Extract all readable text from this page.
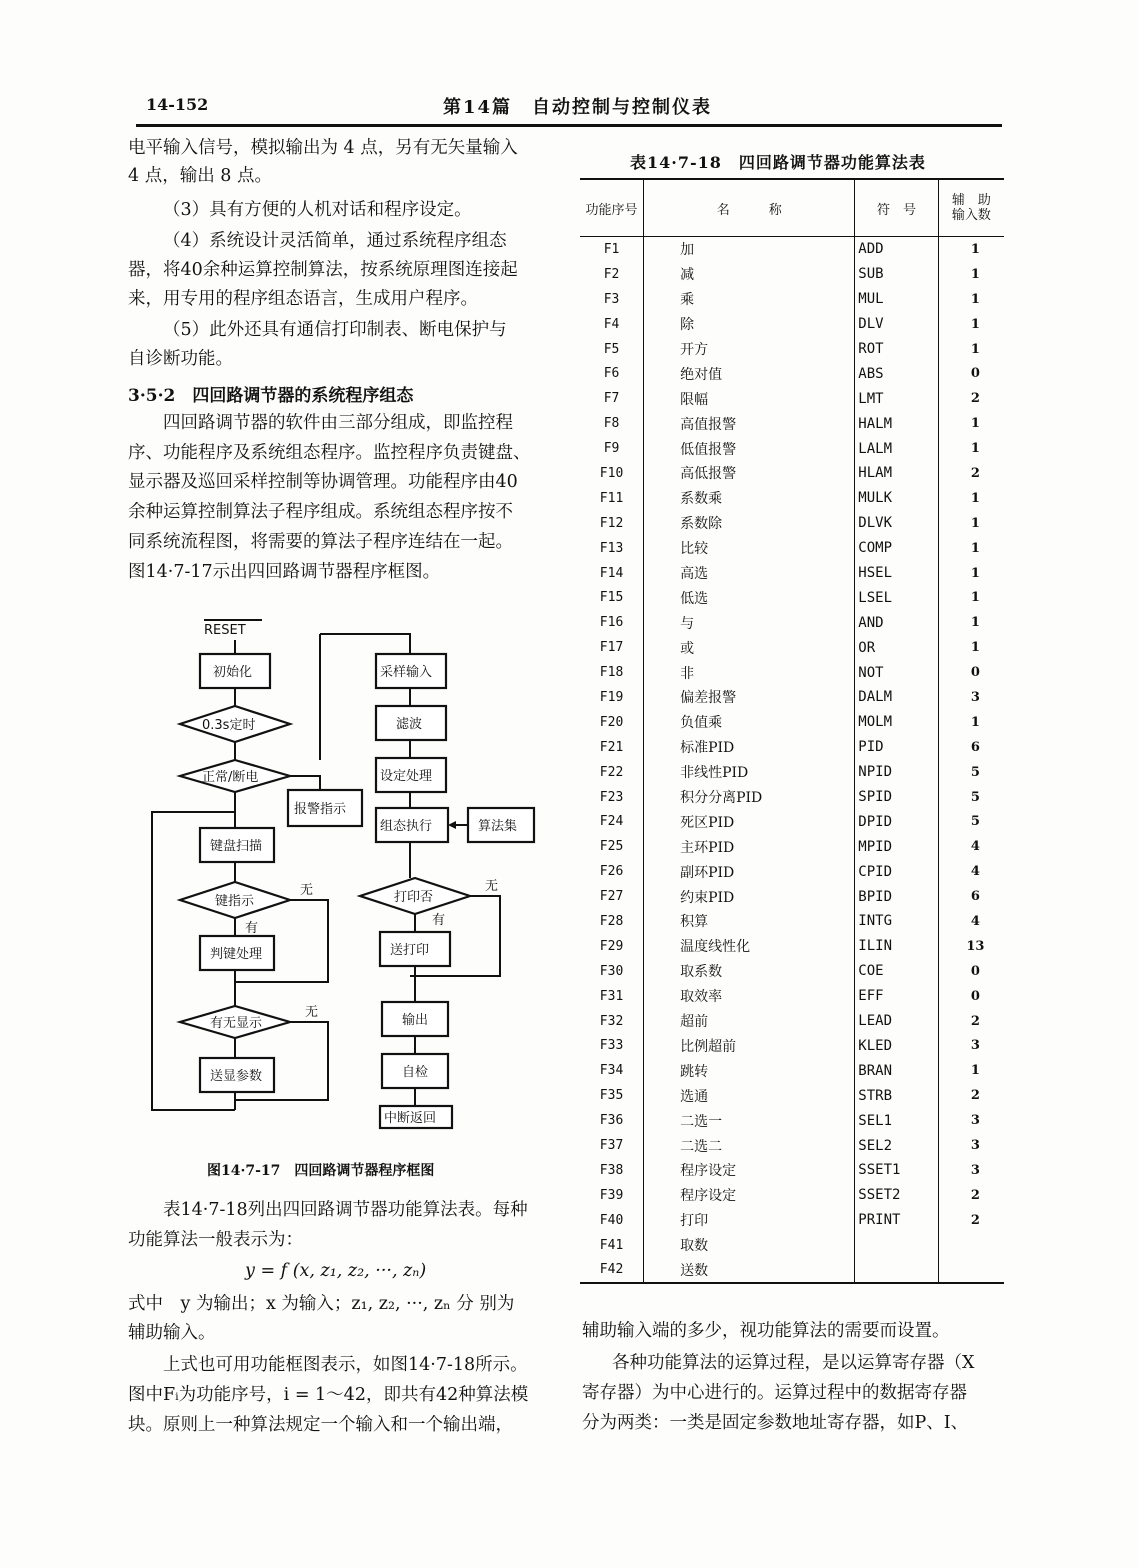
14-152	第14篇　自动控制与控制仪表
电平输入信号，模拟输出为 4 点，另有无矢量输入
4 点，输出 8 点。
（3）具有方便的人机对话和程序设定。
（4）系统设计灵活简单，通过系统程序组态
器，将40余种运算控制算法，按系统原理图连接起
来，用专用的程序组态语言，生成用户程序。
（5）此外还具有通信打印制表、断电保护与
自诊断功能。
3·5·2　四回路调节器的系统程序组态
四回路调节器的软件由三部分组成，即监控程
序、功能程序及系统组态程序。监控程序负责键盘、
显示器及巡回采样控制等协调管理。功能程序由40
余种运算控制算法子程序组成。系统组态程序按不
同系统流程图，将需要的算法子程序连结在一起。
图14·7-17示出四回路调节器程序框图。
RESET
初始化
0.3s定时
正常/断电
报警指示
键盘扫描
键指示
无
有
判键处理
有无显示
无
送显参数
采样输入
滤波
设定处理
组态执行	算法集
打印否
无
有
送打印
输出
自检
中断返回
图14·7-17　四回路调节器程序框图
表14·7-18列出四回路调节器功能算法表。每种
功能算法一般表示为：
y = f (x, z₁, z₂, ···, zₙ)
式中　y 为输出；x 为输入；z₁, z₂, ···, zₙ 分 别为
辅助输入。
上式也可用功能框图表示，如图14·7-18所示。
图中Fᵢ为功能序号，i = 1～42，即共有42种算法模
块。原则上一种算法规定一个输入和一个输出端，
表14·7-18　四回路调节器功能算法表
功能序号	名　　　称	符　号	辅　助
输入数
F1	加	ADD	1
F2	减	SUB	1
F3	乘	MUL	1
F4	除	DLV	1
F5	开方	ROT	1
F6	绝对值	ABS	0
F7	限幅	LMT	2
F8	高值报警	HALM	1
F9	低值报警	LALM	1
F10	高低报警	HLAM	2
F11	系数乘	MULK	1
F12	系数除	DLVK	1
F13	比较	COMP	1
F14	高选	HSEL	1
F15	低选	LSEL	1
F16	与	AND	1
F17	或	OR	1
F18	非	NOT	0
F19	偏差报警	DALM	3
F20	负值乘	MOLM	1
F21	标准PID	PID	6
F22	非线性PID	NPID	5
F23	积分分离PID	SPID	5
F24	死区PID	DPID	5
F25	主环PID	MPID	4
F26	副环PID	CPID	4
F27	约束PID	BPID	6
F28	积算	INTG	4
F29	温度线性化	ILIN	13
F30	取系数	COE	0
F31	取效率	EFF	0
F32	超前	LEAD	2
F33	比例超前	KLED	3
F34	跳转	BRAN	1
F35	选通	STRB	2
F36	二选一	SEL1	3
F37	二选二	SEL2	3
F38	程序设定	SSET1	3
F39	程序设定	SSET2	2
F40	打印	PRINT	2
F41	取数		
F42	送数		
辅助输入端的多少，视功能算法的需要而设置。
各种功能算法的运算过程，是以运算寄存器（X
寄存器）为中心进行的。运算过程中的数据寄存器
分为两类：一类是固定参数地址寄存器，如P、I、
